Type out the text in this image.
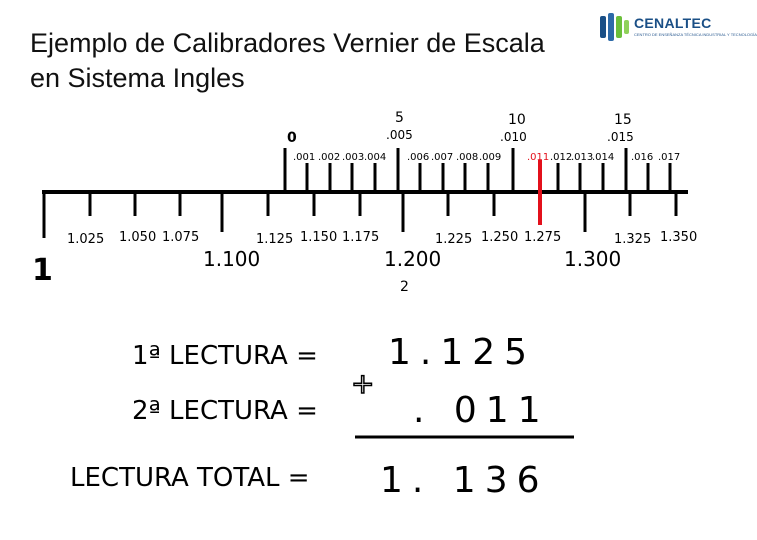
Ejemplo de Calibradores Vernier de Escala en Sistema Ingles
CENALTEC
CENTRO DE ENSEÑANZA TÉCNICA INDUSTRIAL Y TECNOLOGÍA
0
5	10	15
.005	.010	.015
.001 .002 .003 .004 .006 .007 .008 .009	.011 .012
.013
.014 .016 .017
1
1.025 1.050 1.075
1.100
1.125 1.150 1.175
1.200
1.225 1.250 1.275
1.300
1.325 1.350
2
1ª LECTURA = 1.125
+
2ª LECTURA =	. 011
LECTURA TOTAL = 1. 136
